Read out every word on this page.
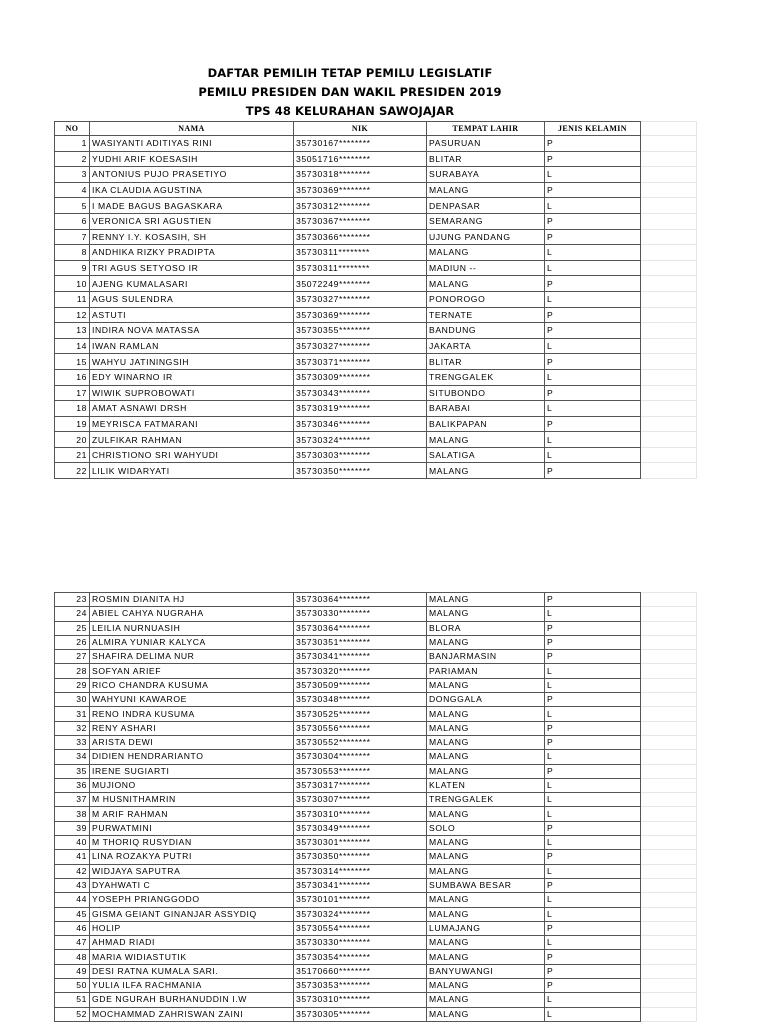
DAFTAR PEMILIH TETAP PEMILU LEGISLATIF
PEMILU PRESIDEN DAN WAKIL PRESIDEN 2019
TPS 48 KELURAHAN SAWOJAJAR
NO	NAMA	NIK	TEMPAT LAHIR	JENIS KELAMIN	
1	WASIYANTI ADITIYAS RINI	35730167********	PASURUAN	P	
2	YUDHI ARIF KOESASIH	35051716********	BLITAR	P	
3	ANTONIUS PUJO PRASETIYO	35730318********	SURABAYA	L	
4	IKA CLAUDIA AGUSTINA	35730369********	MALANG	P	
5	I MADE BAGUS BAGASKARA	35730312********	DENPASAR	L	
6	VERONICA SRI AGUSTIEN	35730367********	SEMARANG	P	
7	RENNY I.Y. KOSASIH, SH	35730366********	UJUNG PANDANG	P	
8	ANDHIKA RIZKY PRADIPTA	35730311********	MALANG	L	
9	TRI AGUS SETYOSO IR	35730311********	MADIUN --	L	
10	AJENG KUMALASARI	35072249********	MALANG	P	
11	AGUS SULENDRA	35730327********	PONOROGO	L	
12	ASTUTI	35730369********	TERNATE	P	
13	INDIRA NOVA MATASSA	35730355********	BANDUNG	P	
14	IWAN RAMLAN	35730327********	JAKARTA	L	
15	WAHYU JATININGSIH	35730371********	BLITAR	P	
16	EDY WINARNO IR	35730309********	TRENGGALEK	L	
17	WIWIK SUPROBOWATI	35730343********	SITUBONDO	P	
18	AMAT ASNAWI DRSH	35730319********	BARABAI	L	
19	MEYRISCA FATMARANI	35730346********	BALIKPAPAN	P	
20	ZULFIKAR RAHMAN	35730324********	MALANG	L	
21	CHRISTIONO SRI WAHYUDI	35730303********	SALATIGA	L	
22	LILIK WIDARYATI	35730350********	MALANG	P	
23	ROSMIN DIANITA HJ	35730364********	MALANG	P	
24	ABIEL CAHYA NUGRAHA	35730330********	MALANG	L	
25	LEILIA NURNUASIH	35730364********	BLORA	P	
26	ALMIRA YUNIAR KALYCA	35730351********	MALANG	P	
27	SHAFIRA DELIMA NUR	35730341********	BANJARMASIN	P	
28	SOFYAN ARIEF	35730320********	PARIAMAN	L	
29	RICO CHANDRA KUSUMA	35730509********	MALANG	L	
30	WAHYUNI KAWAROE	35730348********	DONGGALA	P	
31	RENO INDRA KUSUMA	35730525********	MALANG	L	
32	RENY ASHARI	35730556********	MALANG	P	
33	ARISTA DEWI	35730552********	MALANG	P	
34	DIDIEN HENDRARIANTO	35730304********	MALANG	L	
35	IRENE SUGIARTI	35730553********	MALANG	P	
36	MUJIONO	35730317********	KLATEN	L	
37	M HUSNITHAMRIN	35730307********	TRENGGALEK	L	
38	M ARIF RAHMAN	35730310********	MALANG	L	
39	PURWATMINI	35730349********	SOLO	P	
40	M THORIQ RUSYDIAN	35730301********	MALANG	L	
41	LINA ROZAKYA PUTRI	35730350********	MALANG	P	
42	WIDJAYA SAPUTRA	35730314********	MALANG	L	
43	DYAHWATI C	35730341********	SUMBAWA BESAR	P	
44	YOSEPH PRIANGGODO	35730101********	MALANG	L	
45	GISMA GEIANT GINANJAR ASSYDIQ	35730324********	MALANG	L	
46	HOLIP	35730554********	LUMAJANG	P	
47	AHMAD RIADI	35730330********	MALANG	L	
48	MARIA WIDIASTUTIK	35730354********	MALANG	P	
49	DESI RATNA KUMALA SARI.	35170660********	BANYUWANGI	P	
50	YULIA ILFA RACHMANIA	35730353********	MALANG	P	
51	GDE NGURAH BURHANUDDIN I.W	35730310********	MALANG	L	
52	MOCHAMMAD ZAHRISWAN ZAINI	35730305********	MALANG	L	
